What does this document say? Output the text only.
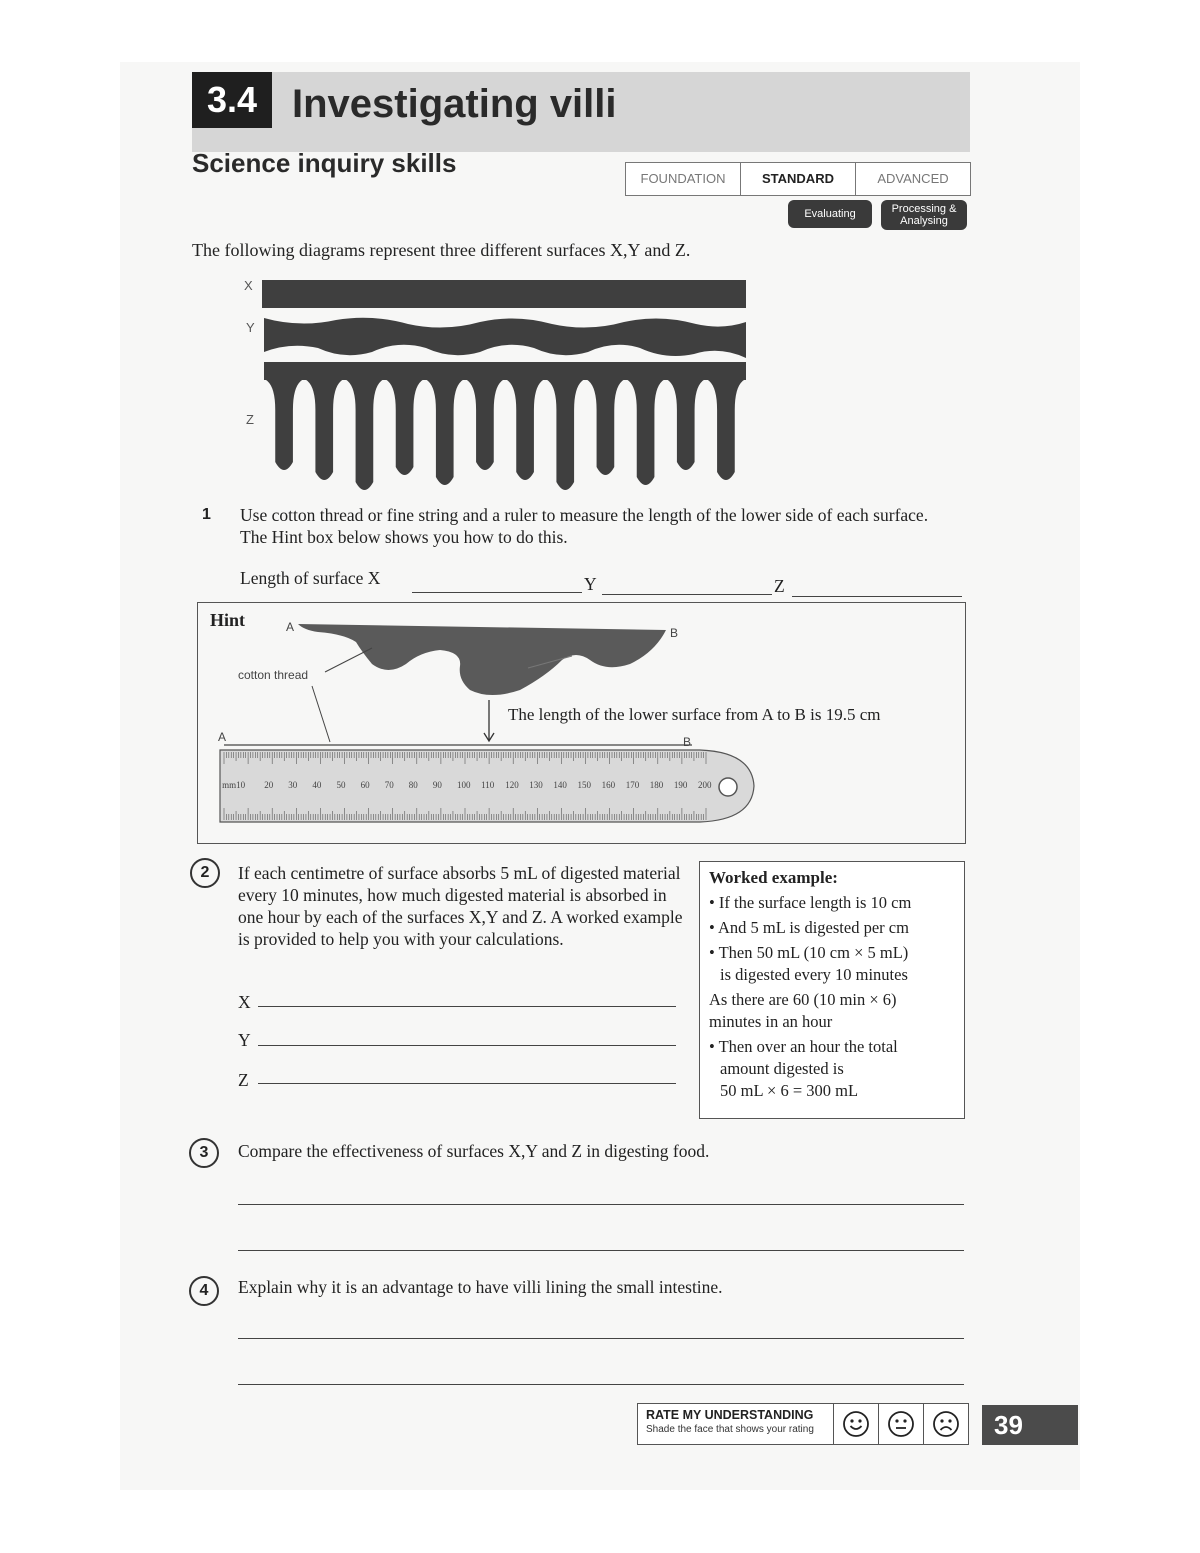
3.4 Investigating villi
Science inquiry skills
FOUNDATION	STANDARD	ADVANCED
Evaluating	Processing & Analysing
The following diagrams represent three different surfaces X,Y and Z.
X
Y
Z
1 Use cotton thread or fine string and a ruler to measure the length of the lower side of each surface. The Hint box below shows you how to do this.
Length of surface X	Y	Z
Hint	A	B
cotton thread
A	B
The length of the lower surface from A to B is 19.5 cm
mm10 20 30 40 50 60 70 80 90 100 110 120 130 140 150 160 170 180 190 200
2	If each centimetre of surface absorbs 5 mL of digested material every 10 minutes, how much digested material is absorbed in one hour by each of the surfaces X,Y and Z. A worked example is provided to help you with your calculations.
X
Y
Z
Worked example:

• If the surface length is 10 cm

• And 5 mL is digested per cm

• Then 50 mL (10 cm × 5 mL)

is digested every 10 minutes

As there are 60 (10 min × 6)

minutes in an hour

• Then over an hour the total

amount digested is

50 mL × 6 = 300 mL

3	Compare the effectiveness of surfaces X,Y and Z in digesting food.
4	Explain why it is an advantage to have villi lining the small intestine.
RATE MY UNDERSTANDING
Shade the face that shows your rating	39
